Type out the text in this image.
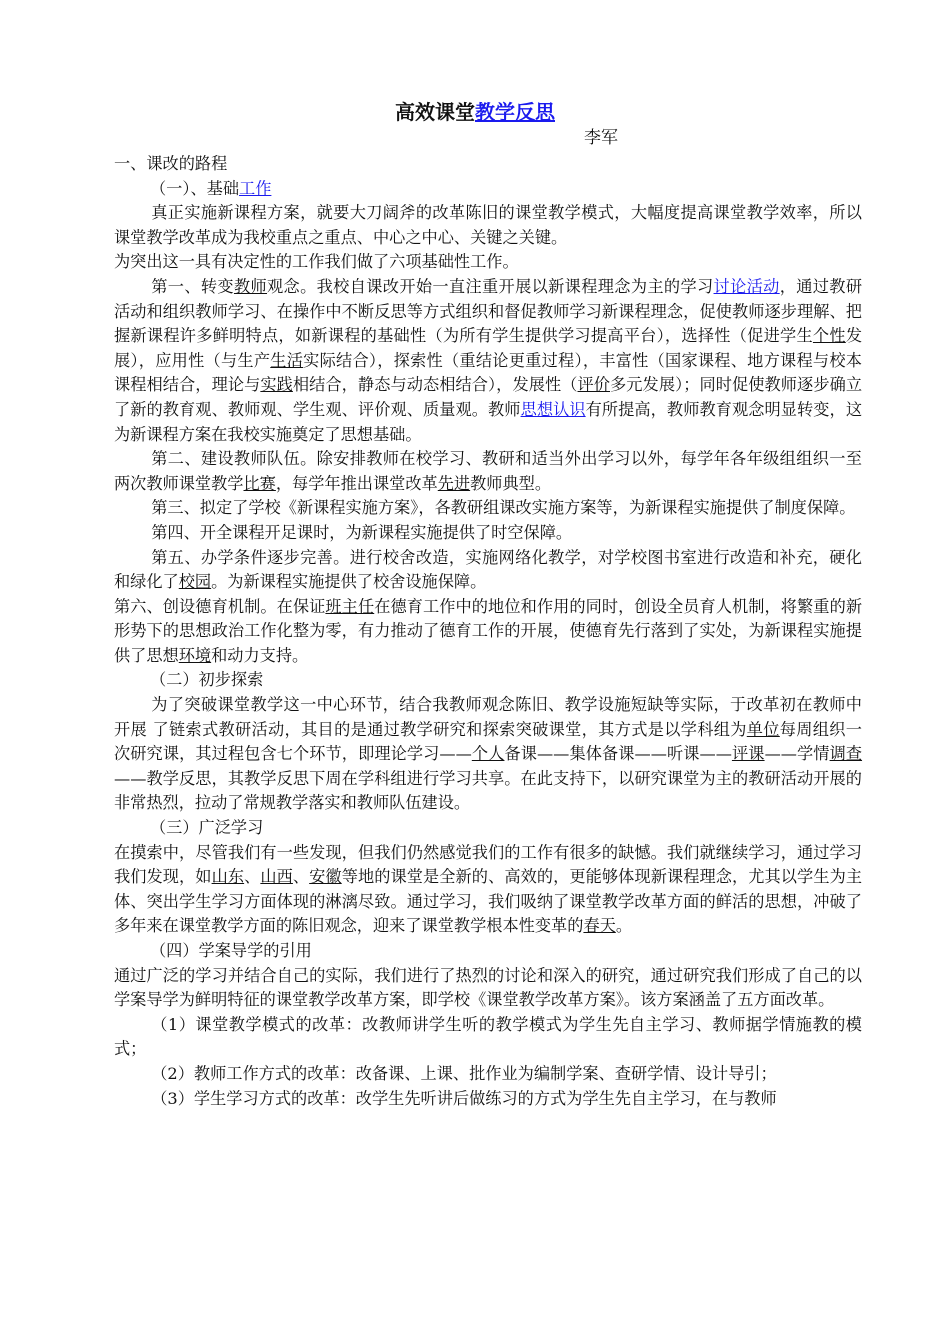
高效课堂教学反思
李军

一、课改的路程

（一）、基础工作

真正实施新课程方案，就要大刀阔斧的改革陈旧的课堂教学模式，大幅度提高课堂教学效率，所以课堂教学改革成为我校重点之重点、中心之中心、关键之关键。

为突出这一具有决定性的工作我们做了六项基础性工作。

第一、转变教师观念。我校自课改开始一直注重开展以新课程理念为主的学习讨论活动，通过教研活动和组织教师学习、在操作中不断反思等方式组织和督促教师学习新课程理念，促使教师逐步理解、把握新课程许多鲜明特点，如新课程的基础性（为所有学生提供学习提高平台），选择性（促进学生个性发展），应用性（与生产生活实际结合），探索性（重结论更重过程），丰富性（国家课程、地方课程与校本课程相结合，理论与实践相结合，静态与动态相结合），发展性（评价多元发展）；同时促使教师逐步确立了新的教育观、教师观、学生观、评价观、质量观。教师思想认识有所提高，教师教育观念明显转变，这为新课程方案在我校实施奠定了思想基础。

第二、建设教师队伍。除安排教师在校学习、教研和适当外出学习以外，每学年各年级组组织一至两次教师课堂教学比赛，每学年推出课堂改革先进教师典型。

第三、拟定了学校《新课程实施方案》，各教研组课改实施方案等，为新课程实施提供了制度保障。

第四、开全课程开足课时，为新课程实施提供了时空保障。

第五、办学条件逐步完善。进行校舍改造，实施网络化教学，对学校图书室进行改造和补充，硬化和绿化了校园。为新课程实施提供了校舍设施保障。

第六、创设德育机制。在保证班主任在德育工作中的地位和作用的同时，创设全员育人机制，将繁重的新形势下的思想政治工作化整为零，有力推动了德育工作的开展，使德育先行落到了实处，为新课程实施提供了思想环境和动力支持。

（二）初步探索

为了突破课堂教学这一中心环节，结合我教师观念陈旧、教学设施短缺等实际，于改革初在教师中开展 了链索式教研活动，其目的是通过教学研究和探索突破课堂，其方式是以学科组为单位每周组织一次研究课，其过程包含七个环节，即理论学习——个人备课——集体备课——听课——评课——学情调查——教学反思，其教学反思下周在学科组进行学习共享。在此支持下，以研究课堂为主的教研活动开展的非常热烈，拉动了常规教学落实和教师队伍建设。

（三）广泛学习

在摸索中，尽管我们有一些发现，但我们仍然感觉我们的工作有很多的缺憾。我们就继续学习，通过学习我们发现，如山东、山西、安徽等地的课堂是全新的、高效的，更能够体现新课程理念，尤其以学生为主体、突出学生学习方面体现的淋漓尽致。通过学习，我们吸纳了课堂教学改革方面的鲜活的思想，冲破了多年来在课堂教学方面的陈旧观念，迎来了课堂教学根本性变革的春天。

（四）学案导学的引用

通过广泛的学习并结合自己的实际，我们进行了热烈的讨论和深入的研究，通过研究我们形成了自己的以学案导学为鲜明特征的课堂教学改革方案，即学校《课堂教学改革方案》。该方案涵盖了五方面改革。

（1）课堂教学模式的改革：改教师讲学生听的教学模式为学生先自主学习、教师据学情施教的模式；

（2）教师工作方式的改革：改备课、上课、批作业为编制学案、查研学情、设计导引；

（3）学生学习方式的改革：改学生先听讲后做练习的方式为学生先自主学习，在与教师
